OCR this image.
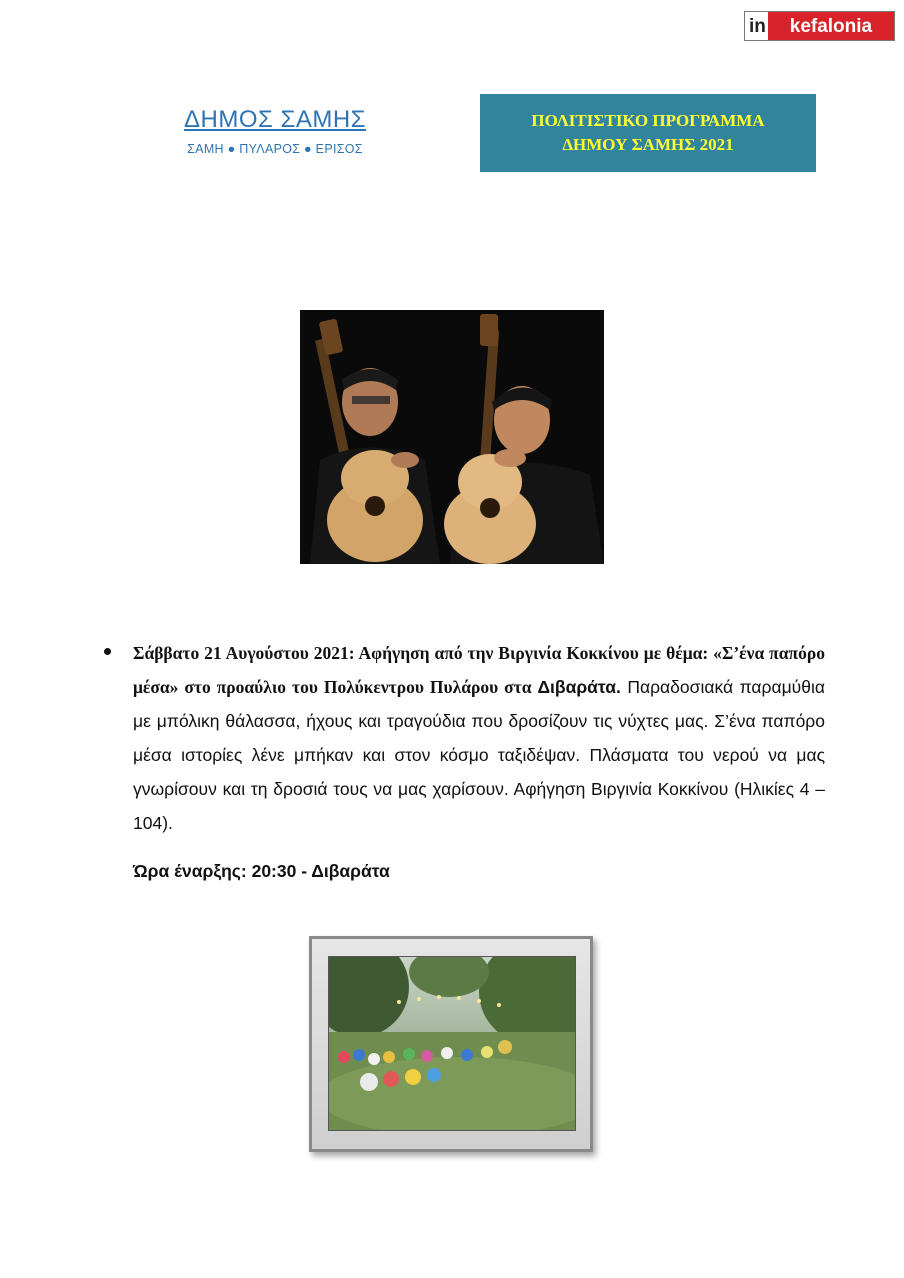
in	kefalonia
ΔΗΜΟΣ ΣΑΜΗΣ
ΣΑΜΗ ● ΠΥΛΑΡΟΣ ● ΕΡΙΣΟΣ
ΠΟΛΙΤΙΣΤΙΚΟ ΠΡΟΓΡΑΜΜΑ
ΔΗΜΟΥ ΣΑΜΗΣ 2021
Σάββατο 21 Αυγούστου 2021: Αφήγηση από την Βιργινία Κοκκίνου με θέμα: «Σ’ένα παπόρο μέσα» στο προαύλιο του Πολύκεντρου Πυλάρου στα Διβαράτα. Παραδοσιακά παραμύθια με μπόλικη θάλασσα, ήχους και τραγούδια που δροσίζουν τις νύχτες μας. Σ’ένα παπόρο μέσα ιστορίες λένε μπήκαν και στον κόσμο ταξιδέψαν. Πλάσματα του νερού να μας γνωρίσουν και τη δροσιά τους να μας χαρίσουν. Αφήγηση Βιργινία Κοκκίνου (Ηλικίες 4 – 104).
Ώρα έναρξης: 20:30 - Διβαράτα
